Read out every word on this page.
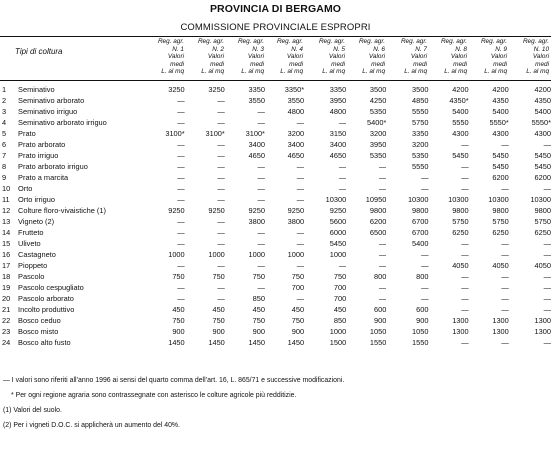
PROVINCIA DI BERGAMO
COMMISSIONE PROVINCIALE ESPROPRI
Tipi di coltura
Reg. agr.
N. 1
Valori
medi
L. al mq
Reg. agr.
N. 2
Valori
medi
L. al mq
Reg. agr.
N. 3
Valori
medi
L. al mq
Reg. agr.
N. 4
Valori
medi
L. al mq
Reg. agr.
N. 5
Valori
medi
L. al mq
Reg. agr.
N. 6
Valori
medi
L. al mq
Reg. agr.
N. 7
Valori
medi
L. al mq
Reg. agr.
N. 8
Valori
medi
L. al mq
Reg. agr.
N. 9
Valori
medi
L. al mq
Reg. agr.
N. 10
Valori
medi
L. al mq
1	Seminativo	3250	3250	3350	3350*	3350	3500	3500	4200	4200	4200
2	Seminativo arborato	—	—	3550	3550	3950	4250	4850	4350*	4350	4350
3	Seminativo irriguo	—	—	—	4800	4800	5350	5550	5400	5400	5400
4	Seminativo arborato irriguo	—	—	—	—	—	5400*	5750	5550	5550*	5550*
5	Prato	3100*	3100*	3100*	3200	3150	3200	3350	4300	4300	4300
6	Prato arborato	—	—	3400	3400	3400	3950	3200	—	—	—
7	Prato irriguo	—	—	4650	4650	4650	5350	5350	5450	5450	5450
8	Prato arborato irriguo	—	—	—	—	—	—	5550	—	5450	5450
9	Prato a marcita	—	—	—	—	—	—	—	—	6200	6200
10	Orto	—	—	—	—	—	—	—	—	—	—
11	Orto irriguo	—	—	—	—	10300	10950	10300	10300	10300	10300
12	Colture floro-vivaistiche (1)	9250	9250	9250	9250	9250	9800	9800	9800	9800	9800
13	Vigneto (2)	—	—	3800	3800	5600	6200	6700	5750	5750	5750
14	Frutteto	—	—	—	—	6000	6500	6700	6250	6250	6250
15	Uliveto	—	—	—	—	5450	—	5400	—	—	—
16	Castagneto	1000	1000	1000	1000	1000	—	—	—	—	—
17	Pioppeto	—	—	—	—	—	—	—	4050	4050	4050
18	Pascolo	750	750	750	750	750	800	800	—	—	—
19	Pascolo cespugliato	—	—	—	700	700	—	—	—	—	—
20	Pascolo arborato	—	—	850	—	700	—	—	—	—	—
21	Incolto produttivo	450	450	450	450	450	600	600	—	—	—
22	Bosco ceduo	750	750	750	750	850	900	900	1300	1300	1300
23	Bosco misto	900	900	900	900	1000	1050	1050	1300	1300	1300
24	Bosco alto fusto	1450	1450	1450	1450	1500	1550	1550	—	—	—
— I valori sono riferiti all’anno 1996 ai sensi del quarto comma dell’art. 16, L. 865/71 e successive modificazioni.
* Per ogni regione agraria sono contrassegnate con asterisco le colture agricole più redditizie.
(1) Valori del suolo.
(2) Per i vigneti D.O.C. si applicherà un aumento del 40%.
